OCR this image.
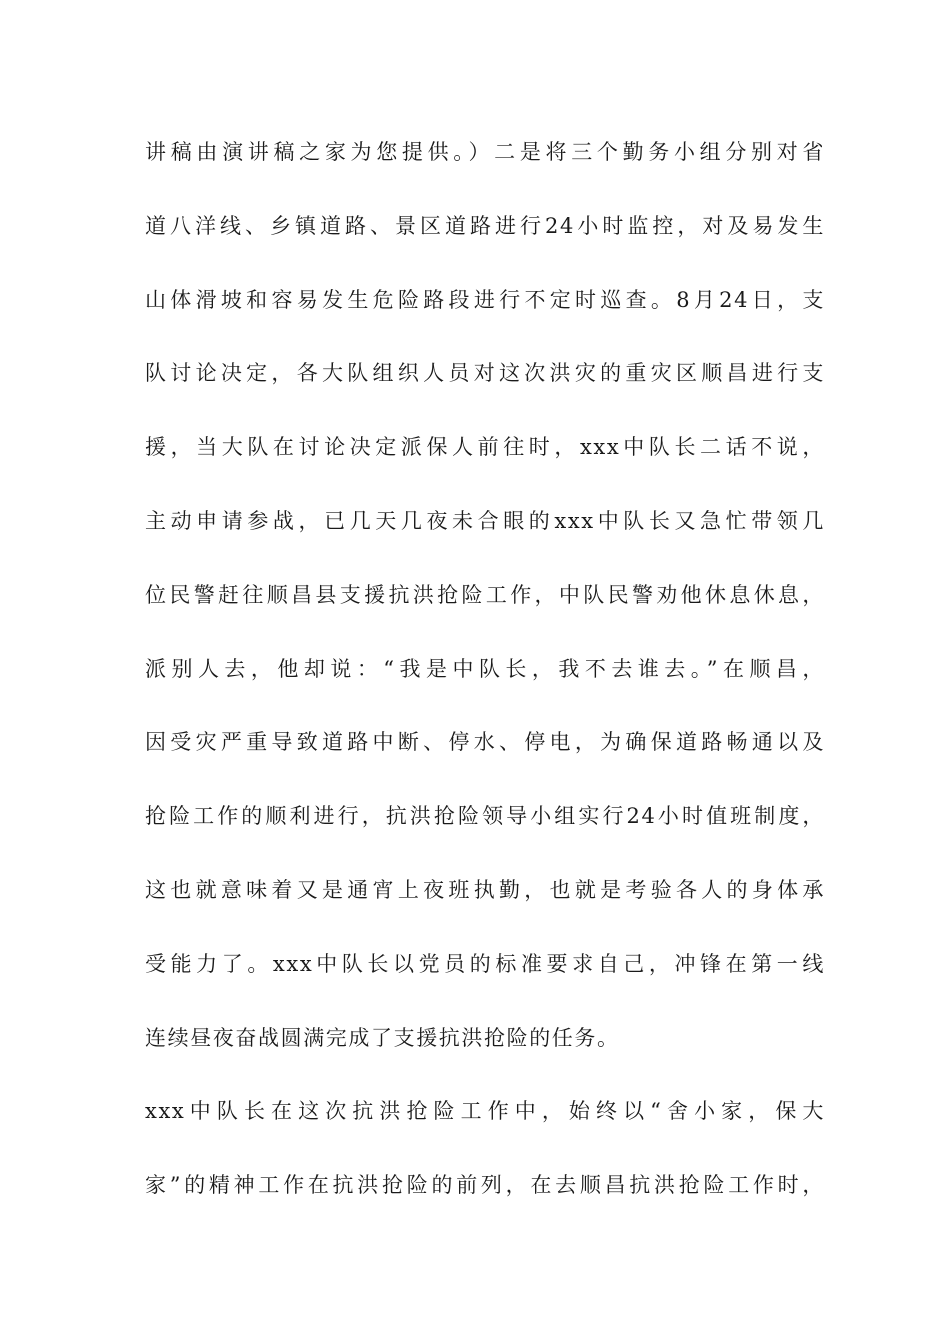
讲稿由演讲稿之家为您提供。）二是将三个勤务小组分别对省
道八洋线、乡镇道路、景区道路进行24小时监控，对及易发生
山体滑坡和容易发生危险路段进行不定时巡查。8月24日，支
队讨论决定，各大队组织人员对这次洪灾的重灾区顺昌进行支
援，当大队在讨论决定派保人前往时，xxx中队长二话不说，
主动申请参战，已几天几夜未合眼的xxx中队长又急忙带领几
位民警赶往顺昌县支援抗洪抢险工作，中队民警劝他休息休息，
派别人去，他却说：“我是中队长，我不去谁去。”在顺昌，
因受灾严重导致道路中断、停水、停电，为确保道路畅通以及
抢险工作的顺利进行，抗洪抢险领导小组实行24小时值班制度，
这也就意味着又是通宵上夜班执勤，也就是考验各人的身体承
受能力了。xxx中队长以党员的标准要求自己，冲锋在第一线
连续昼夜奋战圆满完成了支援抗洪抢险的任务。
xxx中队长在这次抗洪抢险工作中，始终以“舍小家，保大
家”的精神工作在抗洪抢险的前列，在去顺昌抗洪抢险工作时，
